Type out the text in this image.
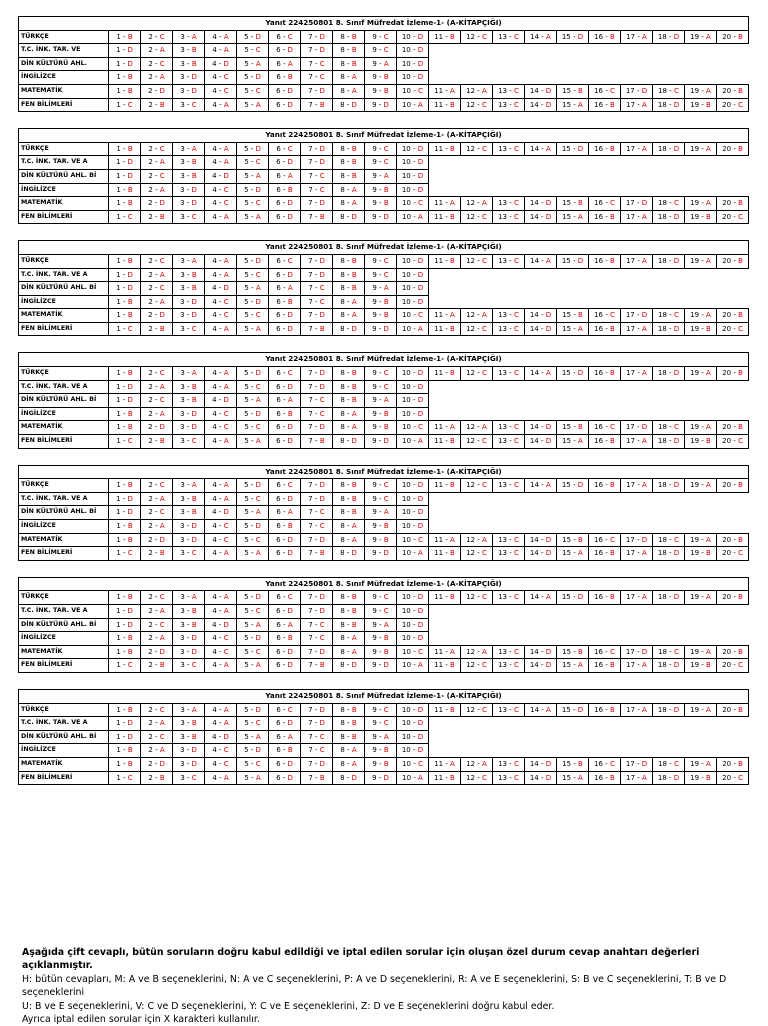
Yanıt 224250801 8. Sınıf Müfredat İzleme-1- (A-KİTAPÇIĞI)																				
TÜRKÇE	1 - B	2 - C	3 - A	4 - A	5 - D	6 - C	7 - D	8 - B	9 - C	10 - D	11 - B	12 - C	13 - C	14 - A	15 - D	16 - B	17 - A	18 - D	19 - A	20 - B
T.C. İNK. TAR. VE	1 - D	2 - A	3 - B	4 - A	5 - C	6 - D	7 - D	8 - B	9 - C	10 - D										
DİN KÜLTÜRÜ AHL.	1 - D	2 - C	3 - B	4 - D	5 - A	6 - A	7 - C	8 - B	9 - A	10 - D										
İNGİLİZCE	1 - B	2 - A	3 - D	4 - C	5 - D	6 - B	7 - C	8 - A	9 - B	10 - D										
MATEMATİK	1 - B	2 - D	3 - D	4 - C	5 - C	6 - D	7 - D	8 - A	9 - B	10 - C	11 - A	12 - A	13 - C	14 - D	15 - B	16 - C	17 - D	18 - C	19 - A	20 - B
FEN BİLİMLERİ	1 - C	2 - B	3 - C	4 - A	5 - A	6 - D	7 - B	8 - D	9 - D	10 - A	11 - B	12 - C	13 - C	14 - D	15 - A	16 - B	17 - A	18 - D	19 - B	20 - C
Yanıt 224250801 8. Sınıf Müfredat İzleme-1- (A-KİTAPÇIĞI)																				
TÜRKÇE	1 - B	2 - C	3 - A	4 - A	5 - D	6 - C	7 - D	8 - B	9 - C	10 - D	11 - B	12 - C	13 - C	14 - A	15 - D	16 - B	17 - A	18 - D	19 - A	20 - B
T.C. İNK. TAR. VE A	1 - D	2 - A	3 - B	4 - A	5 - C	6 - D	7 - D	8 - B	9 - C	10 - D										
DİN KÜLTÜRÜ AHL. Bİ	1 - D	2 - C	3 - B	4 - D	5 - A	6 - A	7 - C	8 - B	9 - A	10 - D										
İNGİLİZCE	1 - B	2 - A	3 - D	4 - C	5 - D	6 - B	7 - C	8 - A	9 - B	10 - D										
MATEMATİK	1 - B	2 - D	3 - D	4 - C	5 - C	6 - D	7 - D	8 - A	9 - B	10 - C	11 - A	12 - A	13 - C	14 - D	15 - B	16 - C	17 - D	18 - C	19 - A	20 - B
FEN BİLİMLERİ	1 - C	2 - B	3 - C	4 - A	5 - A	6 - D	7 - B	8 - D	9 - D	10 - A	11 - B	12 - C	13 - C	14 - D	15 - A	16 - B	17 - A	18 - D	19 - B	20 - C
Yanıt 224250801 8. Sınıf Müfredat İzleme-1- (A-KİTAPÇIĞI)																				
TÜRKÇE	1 - B	2 - C	3 - A	4 - A	5 - D	6 - C	7 - D	8 - B	9 - C	10 - D	11 - B	12 - C	13 - C	14 - A	15 - D	16 - B	17 - A	18 - D	19 - A	20 - B
T.C. İNK. TAR. VE A	1 - D	2 - A	3 - B	4 - A	5 - C	6 - D	7 - D	8 - B	9 - C	10 - D										
DİN KÜLTÜRÜ AHL. Bİ	1 - D	2 - C	3 - B	4 - D	5 - A	6 - A	7 - C	8 - B	9 - A	10 - D										
İNGİLİZCE	1 - B	2 - A	3 - D	4 - C	5 - D	6 - B	7 - C	8 - A	9 - B	10 - D										
MATEMATİK	1 - B	2 - D	3 - D	4 - C	5 - C	6 - D	7 - D	8 - A	9 - B	10 - C	11 - A	12 - A	13 - C	14 - D	15 - B	16 - C	17 - D	18 - C	19 - A	20 - B
FEN BİLİMLERİ	1 - C	2 - B	3 - C	4 - A	5 - A	6 - D	7 - B	8 - D	9 - D	10 - A	11 - B	12 - C	13 - C	14 - D	15 - A	16 - B	17 - A	18 - D	19 - B	20 - C
Yanıt 224250801 8. Sınıf Müfredat İzleme-1- (A-KİTAPÇIĞI)																				
TÜRKÇE	1 - B	2 - C	3 - A	4 - A	5 - D	6 - C	7 - D	8 - B	9 - C	10 - D	11 - B	12 - C	13 - C	14 - A	15 - D	16 - B	17 - A	18 - D	19 - A	20 - B
T.C. İNK. TAR. VE A	1 - D	2 - A	3 - B	4 - A	5 - C	6 - D	7 - D	8 - B	9 - C	10 - D										
DİN KÜLTÜRÜ AHL. Bİ	1 - D	2 - C	3 - B	4 - D	5 - A	6 - A	7 - C	8 - B	9 - A	10 - D										
İNGİLİZCE	1 - B	2 - A	3 - D	4 - C	5 - D	6 - B	7 - C	8 - A	9 - B	10 - D										
MATEMATİK	1 - B	2 - D	3 - D	4 - C	5 - C	6 - D	7 - D	8 - A	9 - B	10 - C	11 - A	12 - A	13 - C	14 - D	15 - B	16 - C	17 - D	18 - C	19 - A	20 - B
FEN BİLİMLERİ	1 - C	2 - B	3 - C	4 - A	5 - A	6 - D	7 - B	8 - D	9 - D	10 - A	11 - B	12 - C	13 - C	14 - D	15 - A	16 - B	17 - A	18 - D	19 - B	20 - C
Yanıt 224250801 8. Sınıf Müfredat İzleme-1- (A-KİTAPÇIĞI)																				
TÜRKÇE	1 - B	2 - C	3 - A	4 - A	5 - D	6 - C	7 - D	8 - B	9 - C	10 - D	11 - B	12 - C	13 - C	14 - A	15 - D	16 - B	17 - A	18 - D	19 - A	20 - B
T.C. İNK. TAR. VE A	1 - D	2 - A	3 - B	4 - A	5 - C	6 - D	7 - D	8 - B	9 - C	10 - D										
DİN KÜLTÜRÜ AHL. Bİ	1 - D	2 - C	3 - B	4 - D	5 - A	6 - A	7 - C	8 - B	9 - A	10 - D										
İNGİLİZCE	1 - B	2 - A	3 - D	4 - C	5 - D	6 - B	7 - C	8 - A	9 - B	10 - D										
MATEMATİK	1 - B	2 - D	3 - D	4 - C	5 - C	6 - D	7 - D	8 - A	9 - B	10 - C	11 - A	12 - A	13 - C	14 - D	15 - B	16 - C	17 - D	18 - C	19 - A	20 - B
FEN BİLİMLERİ	1 - C	2 - B	3 - C	4 - A	5 - A	6 - D	7 - B	8 - D	9 - D	10 - A	11 - B	12 - C	13 - C	14 - D	15 - A	16 - B	17 - A	18 - D	19 - B	20 - C
Yanıt 224250801 8. Sınıf Müfredat İzleme-1- (A-KİTAPÇIĞI)																				
TÜRKÇE	1 - B	2 - C	3 - A	4 - A	5 - D	6 - C	7 - D	8 - B	9 - C	10 - D	11 - B	12 - C	13 - C	14 - A	15 - D	16 - B	17 - A	18 - D	19 - A	20 - B
T.C. İNK. TAR. VE A	1 - D	2 - A	3 - B	4 - A	5 - C	6 - D	7 - D	8 - B	9 - C	10 - D										
DİN KÜLTÜRÜ AHL. Bİ	1 - D	2 - C	3 - B	4 - D	5 - A	6 - A	7 - C	8 - B	9 - A	10 - D										
İNGİLİZCE	1 - B	2 - A	3 - D	4 - C	5 - D	6 - B	7 - C	8 - A	9 - B	10 - D										
MATEMATİK	1 - B	2 - D	3 - D	4 - C	5 - C	6 - D	7 - D	8 - A	9 - B	10 - C	11 - A	12 - A	13 - C	14 - D	15 - B	16 - C	17 - D	18 - C	19 - A	20 - B
FEN BİLİMLERİ	1 - C	2 - B	3 - C	4 - A	5 - A	6 - D	7 - B	8 - D	9 - D	10 - A	11 - B	12 - C	13 - C	14 - D	15 - A	16 - B	17 - A	18 - D	19 - B	20 - C
Yanıt 224250801 8. Sınıf Müfredat İzleme-1- (A-KİTAPÇIĞI)																				
TÜRKÇE	1 - B	2 - C	3 - A	4 - A	5 - D	6 - C	7 - D	8 - B	9 - C	10 - D	11 - B	12 - C	13 - C	14 - A	15 - D	16 - B	17 - A	18 - D	19 - A	20 - B
T.C. İNK. TAR. VE A	1 - D	2 - A	3 - B	4 - A	5 - C	6 - D	7 - D	8 - B	9 - C	10 - D										
DİN KÜLTÜRÜ AHL. Bİ	1 - D	2 - C	3 - B	4 - D	5 - A	6 - A	7 - C	8 - B	9 - A	10 - D										
İNGİLİZCE	1 - B	2 - A	3 - D	4 - C	5 - D	6 - B	7 - C	8 - A	9 - B	10 - D										
MATEMATİK	1 - B	2 - D	3 - D	4 - C	5 - C	6 - D	7 - D	8 - A	9 - B	10 - C	11 - A	12 - A	13 - C	14 - D	15 - B	16 - C	17 - D	18 - C	19 - A	20 - B
FEN BİLİMLERİ	1 - C	2 - B	3 - C	4 - A	5 - A	6 - D	7 - B	8 - D	9 - D	10 - A	11 - B	12 - C	13 - C	14 - D	15 - A	16 - B	17 - A	18 - D	19 - B	20 - C
Aşağıda çift cevaplı, bütün soruların doğru kabul edildiği ve iptal edilen sorular için oluşan özel durum cevap anahtarı değerleri açıklanmıştır.
H: bütün cevapları, M: A ve B seçeneklerini, N: A ve C seçeneklerini, P: A ve D seçeneklerini, R: A ve E seçeneklerini, S: B ve C seçeneklerini, T: B ve D seçeneklerini
U: B ve E seçeneklerini, V: C ve D seçeneklerini, Y: C ve E seçeneklerini, Z: D ve E seçeneklerini doğru kabul eder.
Ayrıca iptal edilen sorular için X karakteri kullanılır.
